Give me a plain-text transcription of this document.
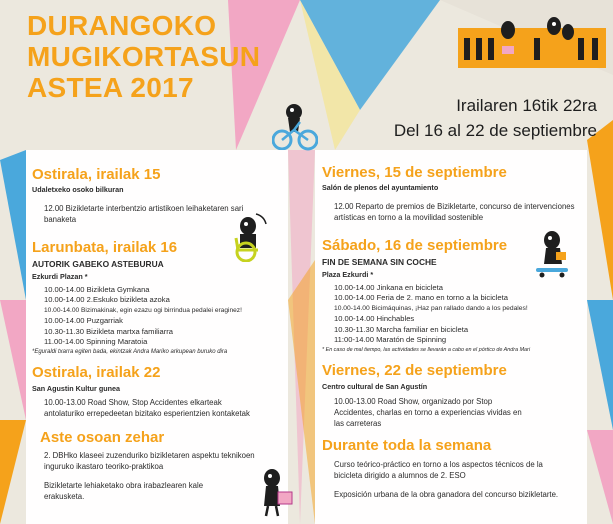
DURANGOKO
MUGIKORTASUN
ASTEA 2017
Irailaren 16tik 22ra
Del 16 al 22 de septiembre
Ostirala, irailak 15
Udaletxeko osoko bilkuran
12.00 Bizikletarte interbentzio artistikoen leihaketaren sari banaketa
Larunbata, irailak 16
AUTORIK GABEKO ASTEBURUA
Ezkurdi Plazan *
10.00-14.00 Bizikleta Gymkana
10.00-14.00 2.Eskuko bizikleta azoka
10.00-14.00 Bizimakinak, egin ezazu ogi birrindua pedalei eraginez!
10.00-14.00 Puzgarriak
10.30-11.30 Bizikleta martxa familiarra
11.00-14.00 Spinning Maratoia
*Eguraldi txarra egiten bada, ekintzak Andra Mariko arkupean buruko dira
Ostirala, irailak 22
San Agustin Kultur gunea
10.00-13.00 Road Show, Stop Accidentes elkarteak antolaturiko errepedeetan bizitako esperientzien kontaketak
Aste osoan zehar
2. DBHko klaseei zuzenduriko bizikletaren aspektu teknikoen inguruko ikastaro teoriko-praktikoa
Bizikletarte lehiaketako obra irabazlearen kale erakusketa.
Viernes, 15 de septiembre
Salón de plenos del ayuntamiento
12.00 Reparto de premios de Bizikletarte, concurso de intervenciones artísticas en torno a la movilidad sostenible
Sábado, 16 de septiembre
FIN DE SEMANA SIN COCHE
Plaza Ezkurdi *
10.00-14.00 Jinkana en bicicleta
10.00-14.00 Feria de 2. mano en torno a la bicicleta
10.00-14.00 Bicimáquinas, ¡Haz pan rallado dando a los pedales!
10.00-14.00 Hinchables
10.30-11.30 Marcha familiar en bicicleta
11:00-14.00 Maratón de Spinning
* En caso de mal tiempo, las actividades se llevarán a cabo en el pórtico de Andra Mari
Viernes, 22 de septiembre
Centro cultural de San Agustín
10.00-13.00 Road Show, organizado por Stop Accidentes, charlas en torno a experiencias vividas en las carreteras
Durante toda la semana
Curso teórico-práctico en torno a los aspectos técnicos de la bicicleta dirigido a alumnos de 2. ESO
Exposición urbana de la obra ganadora del concurso bizikletarte.
